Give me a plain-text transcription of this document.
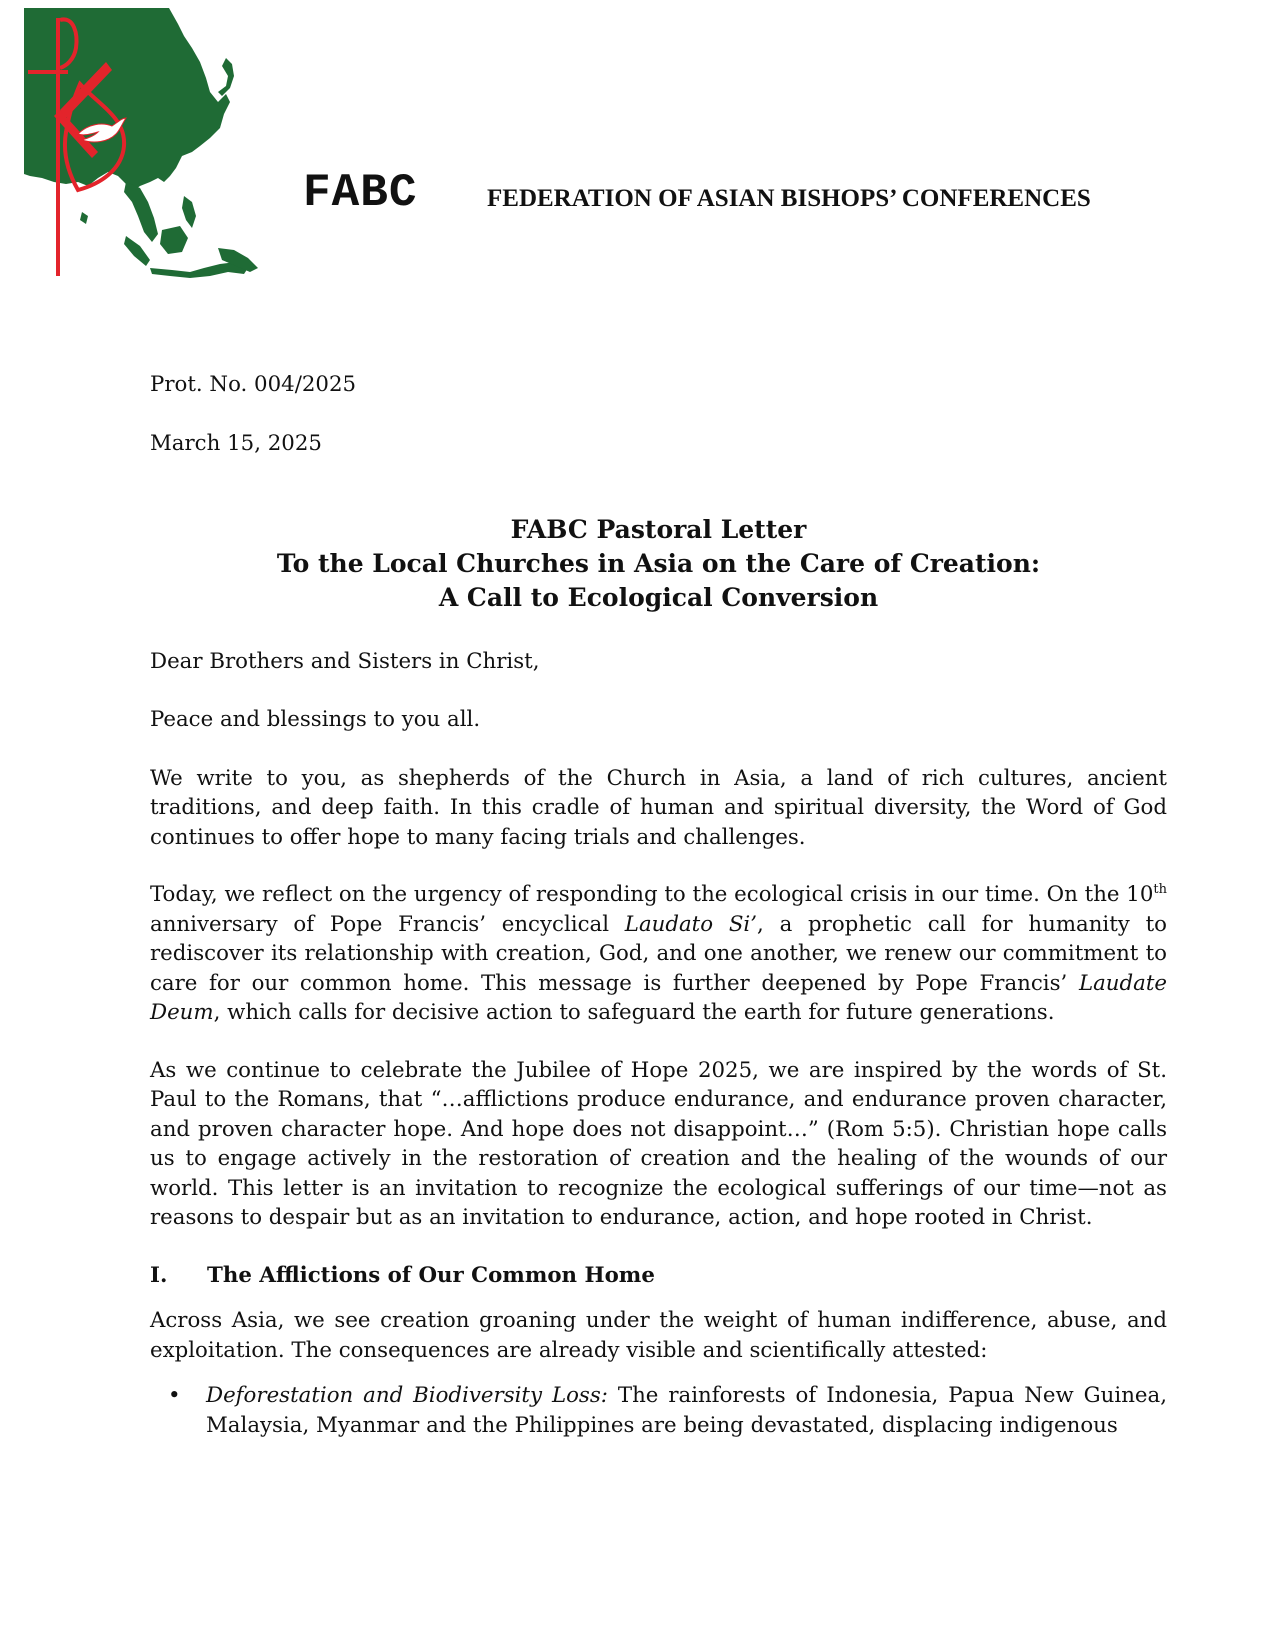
FABC	FEDERATION OF ASIAN BISHOPS’ CONFERENCES

Prot. No. 004/2025

March 15, 2025

FABC Pastoral Letter
To the Local Churches in Asia on the Care of Creation:
A Call to Ecological Conversion

Dear Brothers and Sisters in Christ,

Peace and blessings to you all.

We write to you, as shepherds of the Church in Asia, a land of rich cultures, ancient traditions, and deep faith. In this cradle of human and spiritual diversity, the Word of God continues to offer hope to many facing trials and challenges.

Today, we reflect on the urgency of responding to the ecological crisis in our time. On the 10th anniversary of Pope Francis’ encyclical Laudato Si’, a prophetic call for humanity to rediscover its relationship with creation, God, and one another, we renew our commitment to care for our common home. This message is further deepened by Pope Francis’ Laudate Deum, which calls for decisive action to safeguard the earth for future generations.

As we continue to celebrate the Jubilee of Hope 2025, we are inspired by the words of St. Paul to the Romans, that “…afflictions produce endurance, and endurance proven character, and proven character hope. And hope does not disappoint…” (Rom 5:5). Christian hope calls us to engage actively in the restoration of creation and the healing of the wounds of our world. This letter is an invitation to recognize the ecological sufferings of our time—not as reasons to despair but as an invitation to endurance, action, and hope rooted in Christ.

I.	The Afflictions of Our Common Home

Across Asia, we see creation groaning under the weight of human indifference, abuse, and exploitation. The consequences are already visible and scientifically attested:

• Deforestation and Biodiversity Loss: The rainforests of Indonesia, Papua New Guinea, Malaysia, Myanmar and the Philippines are being devastated, displacing indigenous
